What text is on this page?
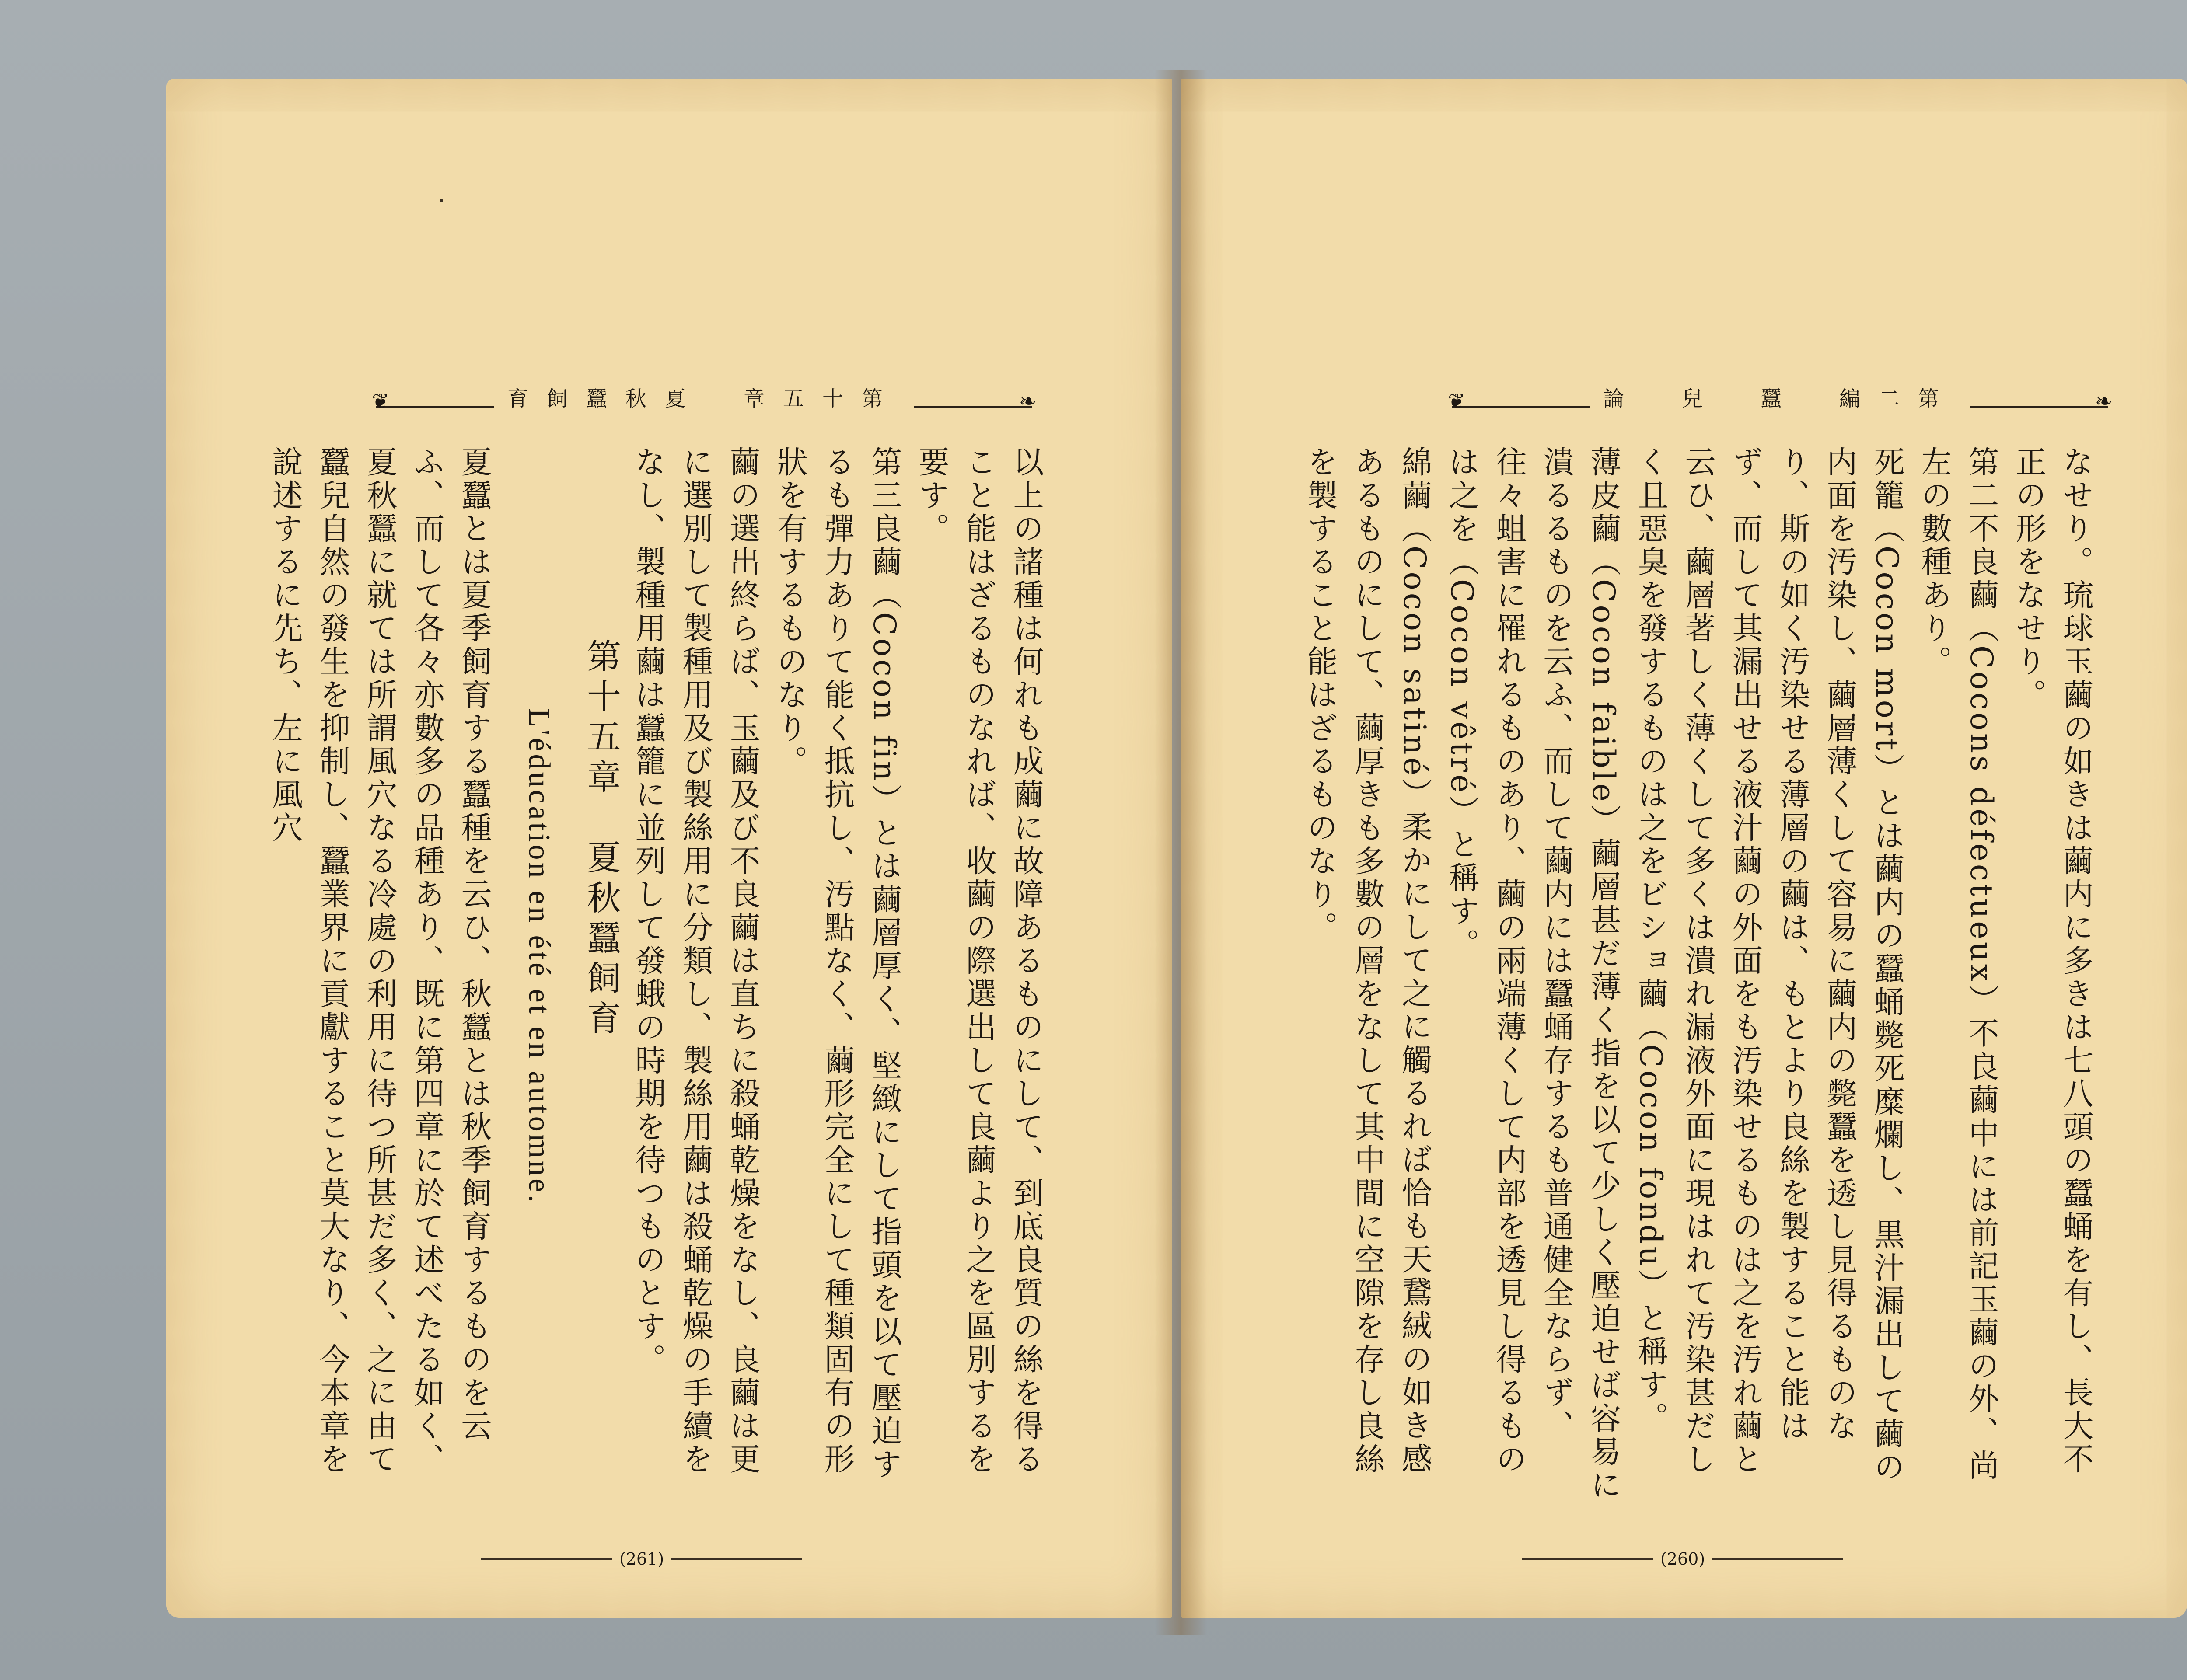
❦	育飼蠶秋夏　章五十第	❧

以上の諸種は何れも成繭に故障あるものにして、到底良質の絲を得ること能はざるものなれば、收繭の際選出して良繭より之を區別するを要す。

第三良繭（Cocon fin）とは繭層厚く、堅緻にして指頭を以て壓迫するも彈力ありて能く抵抗し、汚點なく、繭形完全にして種類固有の形狀を有するものなり。

繭の選出終らば、玉繭及び不良繭は直ちに殺蛹乾燥をなし、良繭は更に選別して製種用及び製絲用に分類し、製絲用繭は殺蛹乾燥の手續をなし、製種用繭は蠶籠に並列して發蛾の時期を待つものとす。

第十五章　夏秋蠶飼育

L'éducation en été et en automne.

夏蠶とは夏季飼育する蠶種を云ひ、秋蠶とは秋季飼育するものを云ふ、而して各々亦數多の品種あり、既に第四章に於て述べたる如く、夏秋蠶に就ては所謂風穴なる冷處の利用に待つ所甚だ多く、之に由て蠶兒自然の發生を抑制し、蠶業界に貢獻すること莫大なり、今本章を說述するに先ち、左に風穴

(261)
❦	論　兒　蠶　編二第	❧

なせり。琉球玉繭の如きは繭内に多きは七八頭の蠶蛹を有し、長大不正の形をなせり。

第二不良繭（Cocons défectueux）不良繭中には前記玉繭の外、尚左の數種あり。

死籠（Cocon mort）とは繭内の蠶蛹斃死糜爛し、黒汁漏出して繭の内面を汚染し、繭層薄くして容易に繭内の斃蠶を透し見得るものなり、斯の如く汚染せる薄層の繭は、もとより良絲を製すること能はず、而して其漏出せる液汁繭の外面をも汚染せるものは之を汚れ繭と云ひ、繭層著しく薄くして多くは潰れ漏液外面に現はれて汚染甚だしく且惡臭を發するものは之をビショ繭（Cocon fondu）と稱す。

薄皮繭（Cocon faible）繭層甚だ薄く指を以て少しく壓迫せば容易に潰るるものを云ふ、而して繭内には蠶蛹存するも普通健全ならず、往々蛆害に罹れるものあり、繭の兩端薄くして内部を透見し得るものは之を（Cocon vêtré）と稱す。

綿繭（Cocon satiné）柔かにして之に觸るれば恰も天鵞絨の如き感あるものにして、繭厚きも多數の層をなして其中間に空隙を存し良絲を製すること能はざるものなり。

(260)
